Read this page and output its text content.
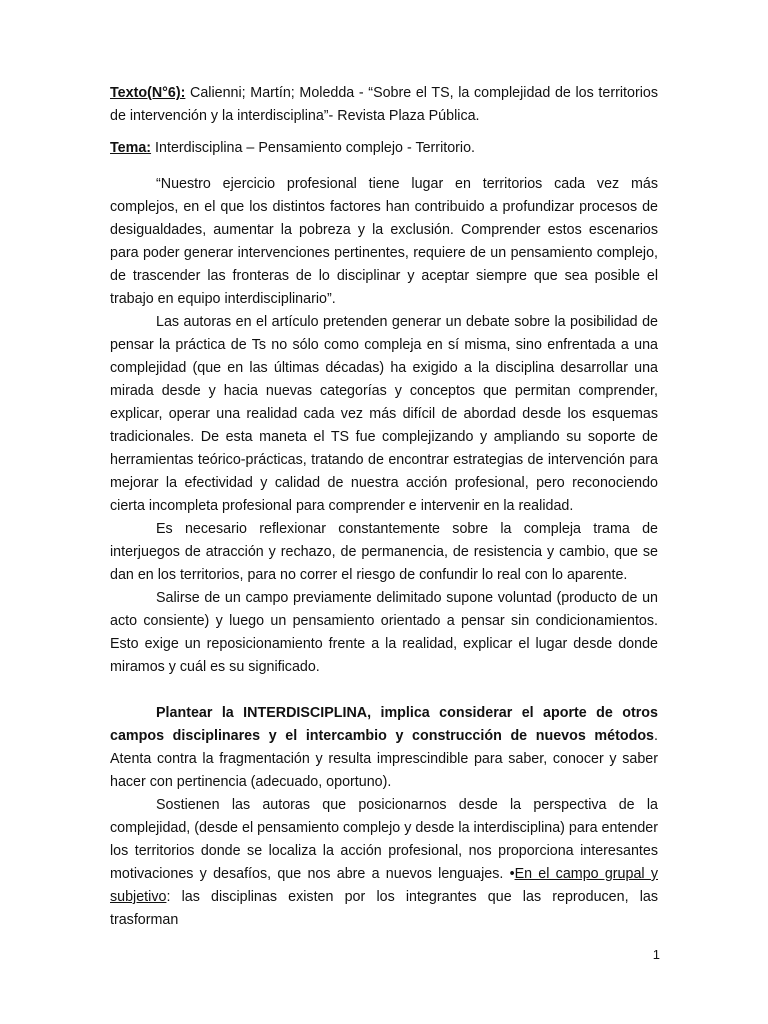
Texto(N°6): Calienni; Martín; Moledda - “Sobre el TS, la complejidad de los territorios de intervención y la interdisciplina”- Revista Plaza Pública.

Tema: Interdisciplina – Pensamiento complejo - Territorio.

“Nuestro ejercicio profesional tiene lugar en territorios cada vez más complejos, en el que los distintos factores han contribuido a profundizar procesos de desigualdades, aumentar la pobreza y la exclusión. Comprender estos escenarios para poder generar intervenciones pertinentes, requiere de un pensamiento complejo, de trascender las fronteras de lo disciplinar y aceptar siempre que sea posible el trabajo en equipo interdisciplinario”.

Las autoras en el artículo pretenden generar un debate sobre la posibilidad de pensar la práctica de Ts no sólo como compleja en sí misma, sino enfrentada a una complejidad (que en las últimas décadas) ha exigido a la disciplina desarrollar una mirada desde y hacia nuevas categorías y conceptos que permitan comprender, explicar, operar una realidad cada vez más difícil de abordad desde los esquemas tradicionales. De esta maneta el TS fue complejizando y ampliando su soporte de herramientas teórico-prácticas, tratando de encontrar estrategias de intervención para mejorar la efectividad y calidad de nuestra acción profesional, pero reconociendo cierta incompleta profesional para comprender e intervenir en la realidad.

Es necesario reflexionar constantemente sobre la compleja trama de interjuegos de atracción y rechazo, de permanencia, de resistencia y cambio, que se dan en los territorios, para no correr el riesgo de confundir lo real con lo aparente.

Salirse de un campo previamente delimitado supone voluntad (producto de un acto consiente) y luego un pensamiento orientado a pensar sin condicionamientos. Esto exige un reposicionamiento frente a la realidad, explicar el lugar desde donde miramos y cuál es su significado.

Plantear la INTERDISCIPLINA, implica considerar el aporte de otros campos disciplinares y el intercambio y construcción de nuevos métodos. Atenta contra la fragmentación y resulta imprescindible para saber, conocer y saber hacer con pertinencia (adecuado, oportuno).

Sostienen las autoras que posicionarnos desde la perspectiva de la complejidad, (desde el pensamiento complejo y desde la interdisciplina) para entender los territorios donde se localiza la acción profesional, nos proporciona interesantes motivaciones y desafíos, que nos abre a nuevos lenguajes. •En el campo grupal y subjetivo: las disciplinas existen por los integrantes que las reproducen, las trasforman

1
